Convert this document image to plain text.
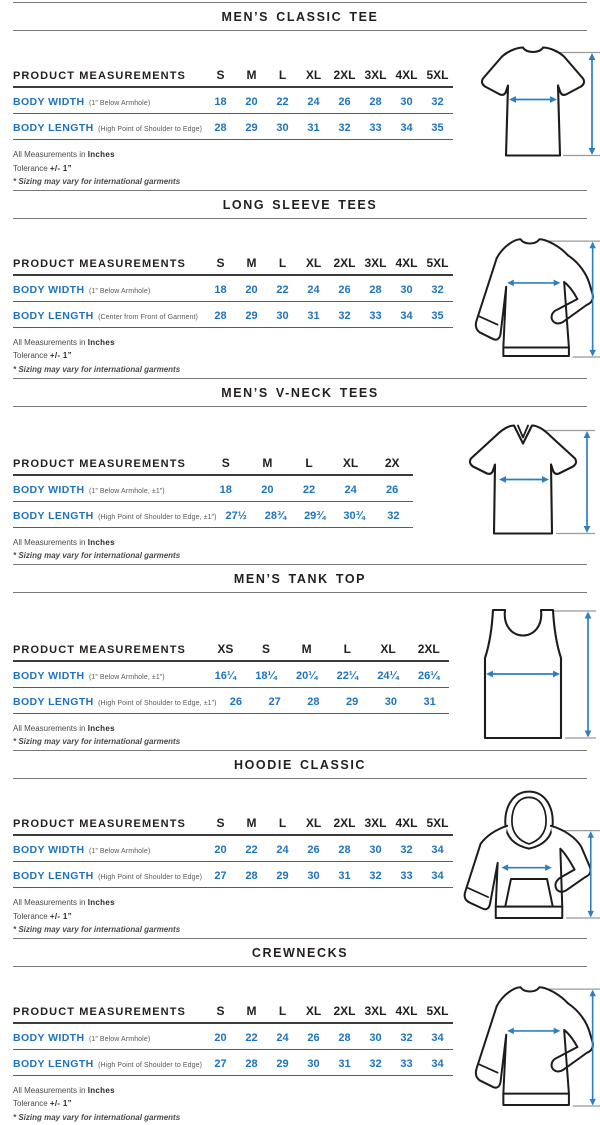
MEN’S CLASSIC TEE
PRODUCT MEASUREMENTS	S	M	L	XL	2XL 3XL 4XL 5XL
BODY WIDTH (1” Below Armhole)	18	20	22	24	26	28	30	32
BODY LENGTH (High Point of Shoulder to Edge)	28	29	30	31	32	33	34	35
All Measurements in Inches
Tolerance +/- 1”
* Sizing may vary for international garments
LONG SLEEVE TEES
PRODUCT MEASUREMENTS	S	M	L	XL	2XL 3XL 4XL 5XL
BODY WIDTH (1” Below Armhole)	18	20	22	24	26	28	30	32
BODY LENGTH (Center from Front of Garment)	28	29	30	31	32	33	34	35
All Measurements in Inches
Tolerance +/- 1”
* Sizing may vary for international garments
MEN’S V-NECK TEES
PRODUCT MEASUREMENTS	S	M	L	XL	2X
BODY WIDTH (1” Below Armhole, ±1”)	18	20	22	24	26
BODY LENGTH (High Point of Shoulder to Edge, ±1”) 27½	28¾	29¾	30¾	32
All Measurements in Inches
* Sizing may vary for international garments
MEN’S TANK TOP
PRODUCT MEASUREMENTS	XS	S	M	L	XL	2XL
BODY WIDTH (1” Below Armhole, ±1”)	16¼	18¼	20¼	22¼	24¼	26¼
BODY LENGTH (High Point of Shoulder to Edge, ±1”)	26	27	28	29	30	31
All Measurements in Inches
* Sizing may vary for international garments
HOODIE CLASSIC
PRODUCT MEASUREMENTS	S	M	L	XL	2XL 3XL 4XL 5XL
BODY WIDTH (1” Below Armhole)	20	22	24	26	28	30	32	34
BODY LENGTH (High Point of Shoulder to Edge)	27	28	29	30	31	32	33	34
All Measurements in Inches
Tolerance +/- 1”
* Sizing may vary for international garments
CREWNECKS
PRODUCT MEASUREMENTS	S	M	L	XL	2XL 3XL 4XL 5XL
BODY WIDTH (1” Below Armhole)	20	22	24	26	28	30	32	34
BODY LENGTH (High Point of Shoulder to Edge)	27	28	29	30	31	32	33	34
All Measurements in Inches
Tolerance +/- 1”
* Sizing may vary for international garments
